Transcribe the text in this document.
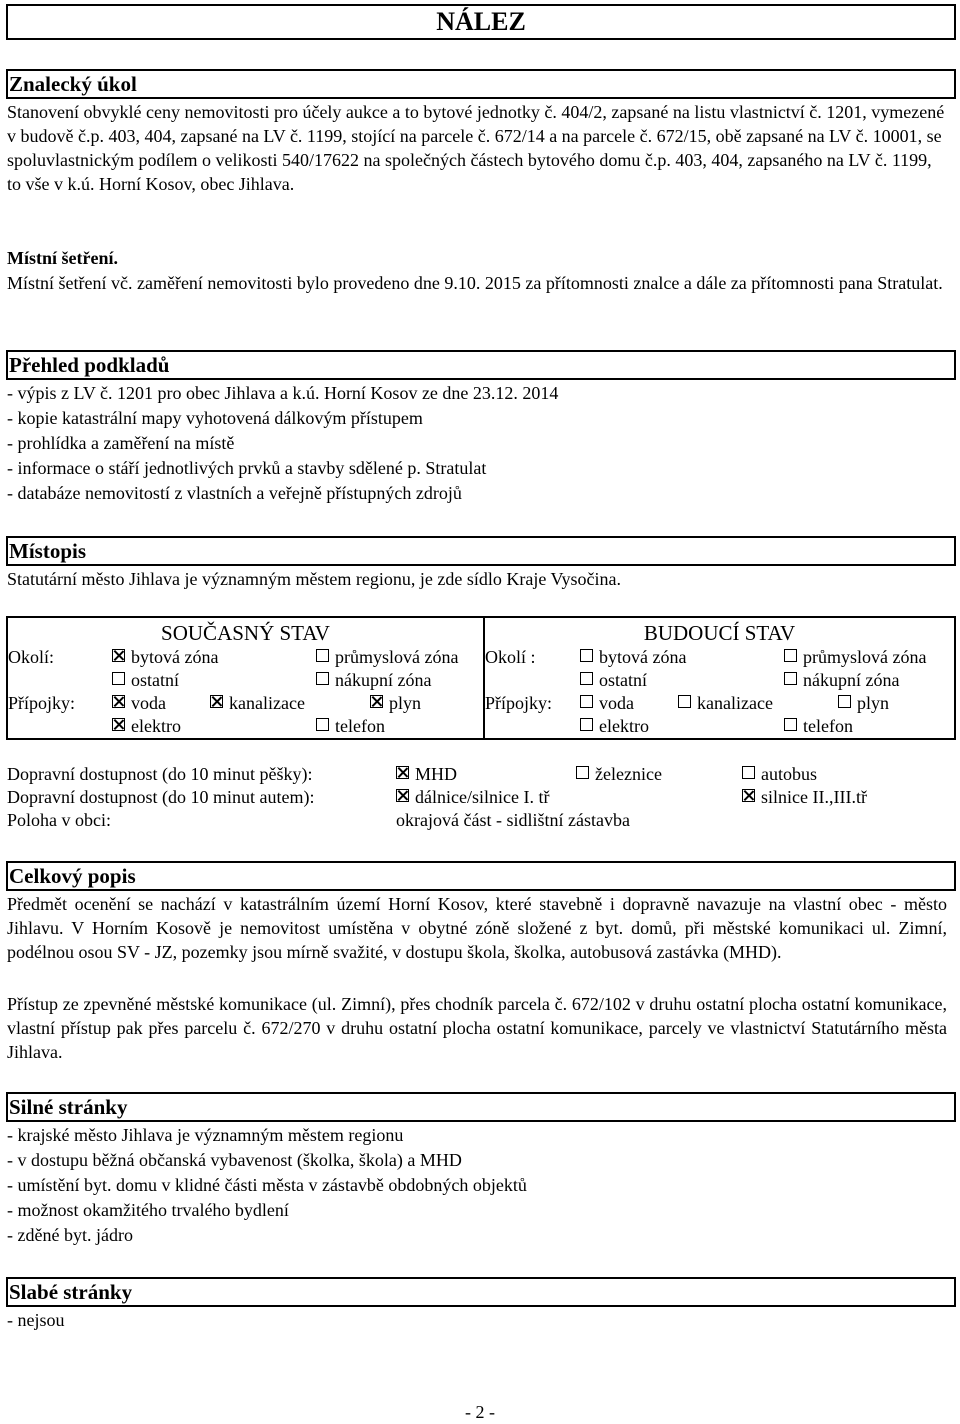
NÁLEZ
Znalecký úkol
Stanovení obvyklé ceny nemovitosti pro účely aukce a to bytové jednotky č. 404/2, zapsané na listu vlastnictví č. 1201, vymezené v budově č.p. 403, 404, zapsané na LV č. 1199, stojící na parcele č. 672/14 a na parcele č. 672/15, obě zapsané na LV č. 10001, se spoluvlastnickým podílem o velikosti 540/17622 na společných částech bytového domu č.p. 403, 404, zapsaného na LV č. 1199, to vše v k.ú. Horní Kosov, obec Jihlava.
Místní šetření.
Místní šetření vč. zaměření nemovitosti bylo provedeno dne 9.10. 2015 za přítomnosti znalce a dále za přítomnosti pana Stratulat.
Přehled podkladů
- výpis z LV č. 1201 pro obec Jihlava a k.ú. Horní Kosov ze dne 23.12. 2014
- kopie katastrální mapy vyhotovená dálkovým přístupem
- prohlídka a zaměření na místě
- informace o stáří jednotlivých prvků a stavby sdělené p. Stratulat
- databáze nemovitostí z vlastních a veřejně přístupných zdrojů
Místopis
Statutární město Jihlava je významným městem regionu, je zde sídlo Kraje Vysočina.
SOUČASNÝ STAV	BUDOUCÍ STAV
Okolí:	bytová zóna	průmyslová zóna
ostatní	nákupní zóna
Přípojky:	voda	kanalizace	plyn
elektro	telefon
Okolí :	bytová zóna	průmyslová zóna
ostatní	nákupní zóna
Přípojky:	voda	kanalizace	plyn
elektro	telefon
Dopravní dostupnost (do 10 minut pěšky):	MHD	železnice	autobus
Dopravní dostupnost (do 10 minut autem):	dálnice/silnice I. tř	silnice II.,III.tř
Poloha v obci:	okrajová část - sidlištní zástavba
Celkový popis
Předmět ocenění se nachází v katastrálním území Horní Kosov, které stavebně i dopravně navazuje na vlastní obec - město Jihlavu. V Horním Kosově je nemovitost umístěna v obytné zóně složené z byt. domů, při městské komunikaci ul. Zimní, podélnou osou SV - JZ, pozemky jsou mírně svažité, v dostupu škola, školka, autobusová zastávka (MHD).
Přístup ze zpevněné městské komunikace (ul. Zimní), přes chodník parcela č. 672/102 v druhu ostatní plocha ostatní komunikace, vlastní přístup pak přes parcelu č. 672/270 v druhu ostatní plocha ostatní komunikace, parcely ve vlastnictví Statutárního města Jihlava.
Silné stránky
- krajské město Jihlava je významným městem regionu
- v dostupu běžná občanská vybavenost (školka, škola) a MHD
- umístění byt. domu v klidné části města v zástavbě obdobných objektů
- možnost okamžitého trvalého bydlení
- zděné byt. jádro
Slabé stránky
- nejsou
- 2 -
